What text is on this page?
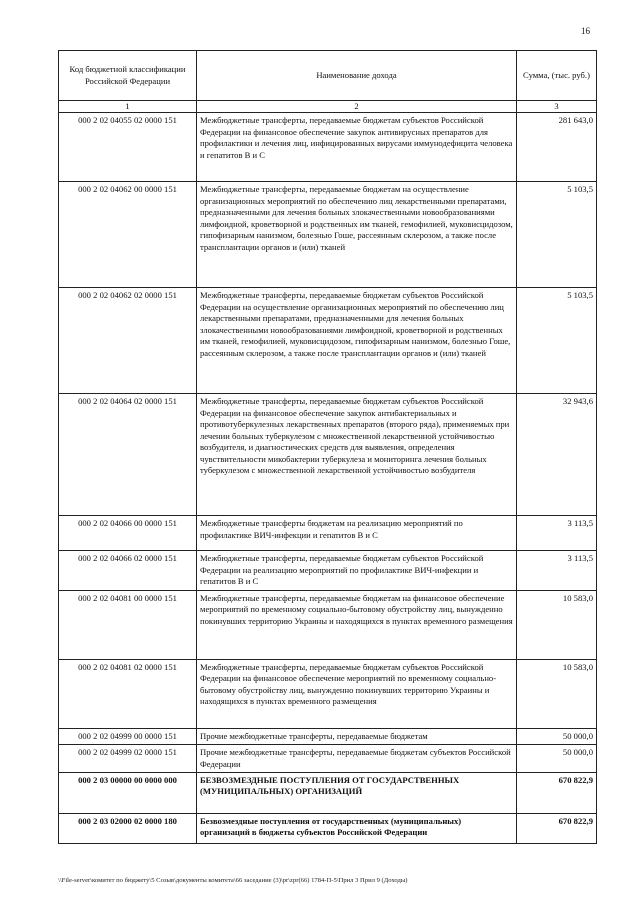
16
Код бюджетной классификации Российской Федерации	Наименование дохода	Сумма, (тыс. руб.)
1	2	3
000 2 02 04055 02 0000 151	Межбюджетные трансферты, передаваемые бюджетам субъектов Российской Федерации на финансовое обеспечение закупок антивирусных препаратов для профилактики и лечения лиц, инфицированных вирусами иммунодефицита человека и гепатитов В и С	281 643,0
000 2 02 04062 00 0000 151	Межбюджетные трансферты, передаваемые бюджетам на осуществление организационных мероприятий по обеспечению лиц лекарственными препаратами, предназначенными для лечения больных злокачественными новообразованиями лимфоидной, кроветворной и родственных им тканей, гемофилией, муковисцидозом, гипофизарным нанизмом, болезнью Гоше, рассеянным склерозом, а также после трансплантации органов и (или) тканей	5 103,5
000 2 02 04062 02 0000 151	Межбюджетные трансферты, передаваемые бюджетам субъектов Российской Федерации на осуществление организационных мероприятий по обеспечению лиц лекарственными препаратами, предназначенными для лечения больных злокачественными новообразованиями лимфоидной, кроветворной и родственных им тканей, гемофилией, муковисцидозом, гипофизарным нанизмом, болезнью Гоше, рассеянным склерозом, а также после трансплантации органов и (или) тканей	5 103,5
000 2 02 04064 02 0000 151	Межбюджетные трансферты, передаваемые бюджетам субъектов Российской Федерации на финансовое обеспечение закупок антибактериальных и противотуберкулезных лекарственных препаратов (второго ряда), применяемых при лечении больных туберкулезом с множественной лекарственной устойчивостью возбудителя, и диагностических средств для выявления, определения чувствительности микобактерии туберкулеза и мониторинга лечения больных туберкулезом с множественной лекарственной устойчивостью возбудителя	32 943,6
000 2 02 04066 00 0000 151	Межбюджетные трансферты бюджетам на реализацию мероприятий по профилактике ВИЧ-инфекции и гепатитов В и С	3 113,5
000 2 02 04066 02 0000 151	Межбюджетные трансферты, передаваемые бюджетам субъектов Российской Федерации на реализацию мероприятий по профилактике ВИЧ-инфекции и гепатитов В и С	3 113,5
000 2 02 04081 00 0000 151	Межбюджетные трансферты, передаваемые бюджетам на финансовое обеспечение мероприятий по временному социально-бытовому обустройству лиц, вынужденно покинувших территорию Украины и находящихся в пунктах временного размещения	10 583,0
000 2 02 04081 02 0000 151	Межбюджетные трансферты, передаваемые бюджетам субъектов Российской Федерации на финансовое обеспечение мероприятий по временному социально-бытовому обустройству лиц, вынужденно покинувших территорию Украины и находящихся в пунктах временного размещения	10 583,0
000 2 02 04999 00 0000 151	Прочие межбюджетные трансферты, передаваемые бюджетам	50 000,0
000 2 02 04999 02 0000 151	Прочие межбюджетные трансферты, передаваемые бюджетам субъектов Российской Федерации	50 000,0
000 2 03 00000 00 0000 000	БЕЗВОЗМЕЗДНЫЕ ПОСТУПЛЕНИЯ ОТ ГОСУДАРСТВЕННЫХ (МУНИЦИПАЛЬНЫХ) ОРГАНИЗАЦИЙ	670 822,9
000 2 03 02000 02 0000 180	Безвозмездные поступления от государственных (муниципальных) организаций в бюджеты субъектов Российской Федерации	670 822,9
\\File-server\комитет по бюджету\5 Созыв\документы комитета\66 заседание (3)\pr\zpr(66) 1784-П-5\Прил 3 Прил 9 (Доходы)
